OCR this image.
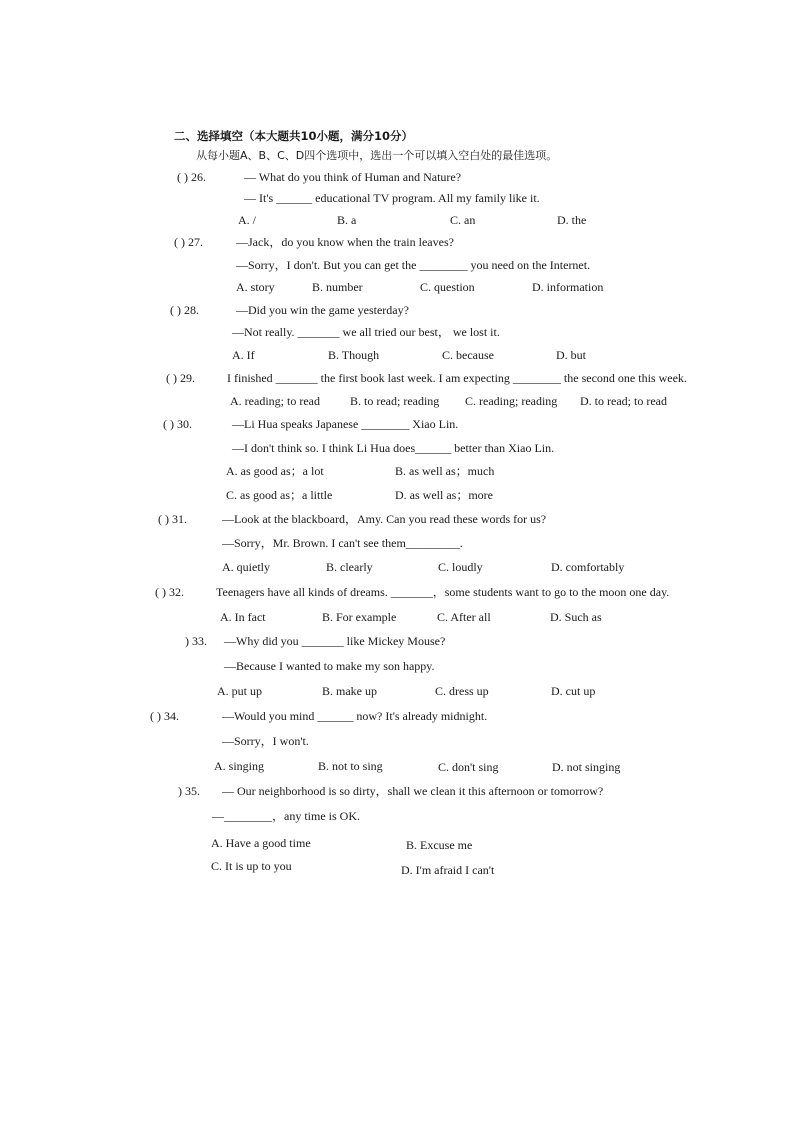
二、选择填空（本大题共10小题，满分10分）
从每小题A、B、C、D四个选项中，选出一个可以填入空白处的最佳选项。
( ) 26.	— What do you think of Human and Nature?
— It's ______ educational TV program. All my family like it.
A. /	B. a	C. an	D. the
( ) 27.	—Jack，do you know when the train leaves?
—Sorry，I don't. But you can get the ________ you need on the Internet.
A. story	B. number	C. question	D. information
( ) 28.	—Did you win the game yesterday?
—Not really. _______ we all tried our best， we lost it.
A. If	B. Though	C. because	D. but
( ) 29.	I finished _______ the first book last week. I am expecting ________ the second one this week.
A. reading; to read	B. to read; reading C. reading; reading D. to read; to read
( ) 30.	—Li Hua speaks Japanese ________ Xiao Lin.
—I don't think so. I think Li Hua does______ better than Xiao Lin.
A. as good as；a lot	B. as well as；much
C. as good as；a little	D. as well as；more
( ) 31.	—Look at the blackboard，Amy. Can you read these words for us?
—Sorry，Mr. Brown. I can't see them_________.
A. quietly	B. clearly	C. loudly	D. comfortably
( ) 32.	Teenagers have all kinds of dreams. _______，some students want to go to the moon one day.
A. In fact	B. For example	C. After all	D. Such as
) 33. —Why did you _______ like Mickey Mouse?
—Because I wanted to make my son happy.
A. put up	B. make up	C. dress up	D. cut up
( ) 34.	—Would you mind ______ now? It's already midnight.
—Sorry，I won't.
A. singing	B. not to sing	C. don't sing	D. not singing
) 35. — Our neighborhood is so dirty，shall we clean it this afternoon or tomorrow?
—________，any time is OK.
A. Have a good time	B. Excuse me
C. It is up to you	D. I'm afraid I can't
